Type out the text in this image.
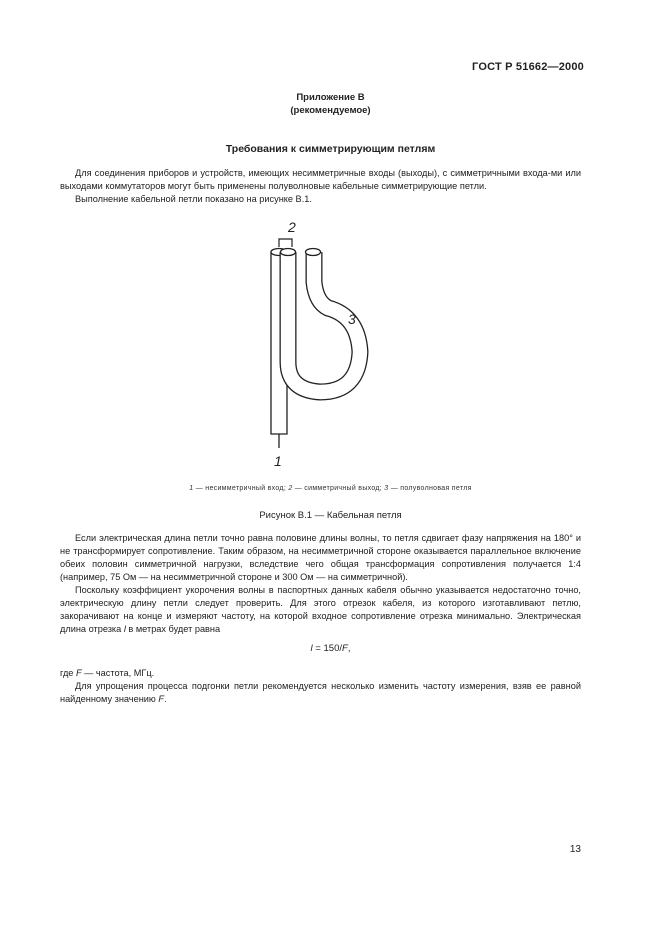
ГОСТ Р 51662—2000
Приложение В
(рекомендуемое)
Требования к симметрирующим петлям
Для соединения приборов и устройств, имеющих несимметричные входы (выходы), с симметричными входа-ми или выходами коммутаторов могут быть применены полуволновые кабельные симметрирующие петли.
Выполнение кабельной петли показано на рисунке В.1.
2
3
1
1 — несимметричный вход; 2 — симметричный выход; 3 — полуволновая петля
Рисунок В.1 — Кабельная петля
Если электрическая длина петли точно равна половине длины волны, то петля сдвигает фазу напряжения на 180° и не трансформирует сопротивление. Таким образом, на несимметричной стороне оказывается параллельное включение обеих половин симметричной нагрузки, вследствие чего общая трансформация сопротивления получается 1:4 (например, 75 Ом — на несимметричной стороне и 300 Ом — на симметричной).
Поскольку коэффициент укорочения волны в паспортных данных кабеля обычно указывается недостаточно точно, электрическую длину петли следует проверить. Для этого отрезок кабеля, из которого изготавливают петлю, закорачивают на конце и измеряют частоту, на которой входное сопротивление отрезка минимально. Электрическая длина отрезка l в метрах будет равна
l = 150/F,
где F — частота, МГц.
Для упрощения процесса подгонки петли рекомендуется несколько изменить частоту измерения, взяв ее равной найденному значению F.
13
